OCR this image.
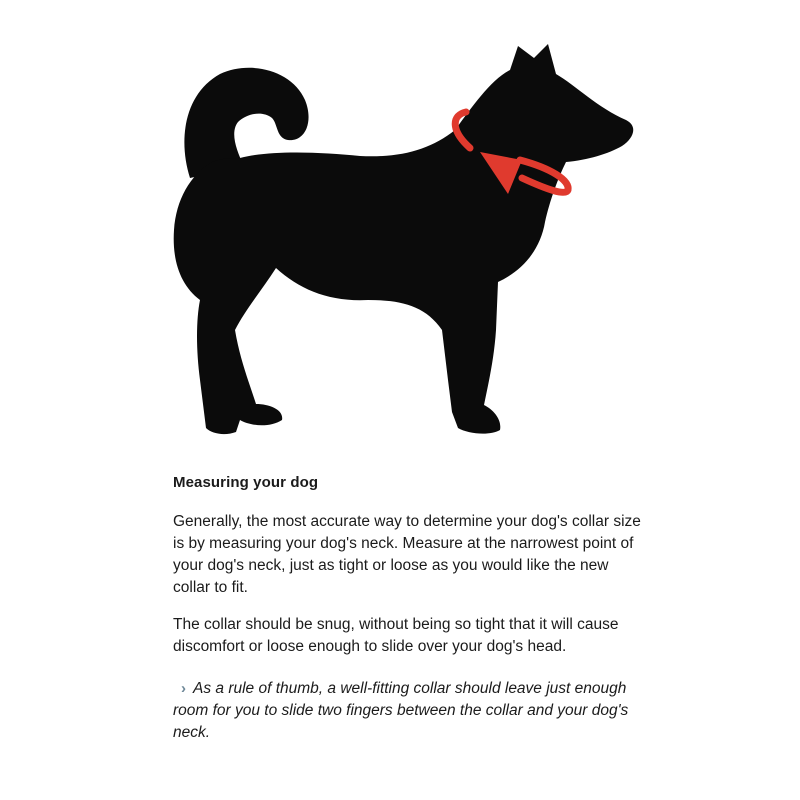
Measuring your dog

Generally, the most accurate way to determine your dog's collar size is by measuring your dog's neck. Measure at the narrowest point of your dog's neck, just as tight or loose as you would like the new collar to fit.

The collar should be snug, without being so tight that it will cause discomfort or loose enough to slide over your dog's head.

› As a rule of thumb, a well-fitting collar should leave just enough room for you to slide two fingers between the collar and your dog's neck.
